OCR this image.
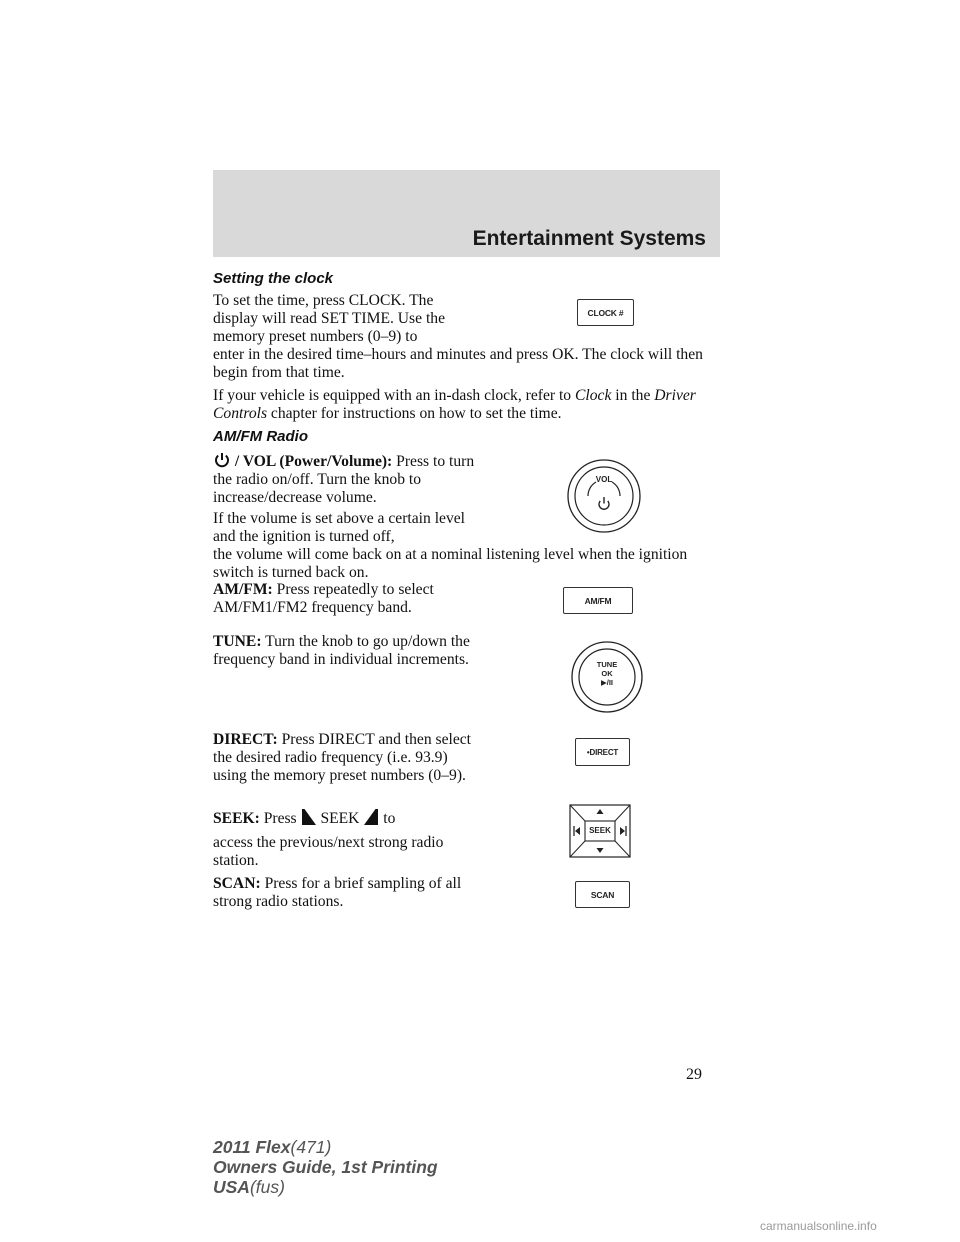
Entertainment Systems
Setting the clock

To set the time, press CLOCK. The display will read SET TIME. Use the memory preset numbers (0–9) to

enter in the desired time–hours and minutes and press OK. The clock will then begin from that time.

If your vehicle is equipped with an in-dash clock, refer to Clock in the Driver Controls chapter for instructions on how to set the time.

CLOCK #
AM/FM Radio
/ VOL (Power/Volume): Press to turn the radio on/off. Turn the knob to increase/decrease volume.

If the volume is set above a certain level and the ignition is turned off,

the volume will come back on at a nominal listening level when the ignition switch is turned back on.

VOL

AM/FM: Press repeatedly to select AM/FM1/FM2 frequency band.	AM/FM

TUNE: Turn the knob to go up/down the frequency band in individual increments.	TUNE
OK
▶/II

DIRECT: Press DIRECT and then select the desired radio frequency (i.e. 93.9) using the memory preset numbers (0–9).

•DIRECT
SEEK: Press SEEK to
access the previous/next strong radio station.
SEEK

SCAN: Press for a brief sampling of all strong radio stations.	SCAN
29
2011 Flex(471)
Owners Guide, 1st Printing
USA(fus)
carmanualsonline.info
